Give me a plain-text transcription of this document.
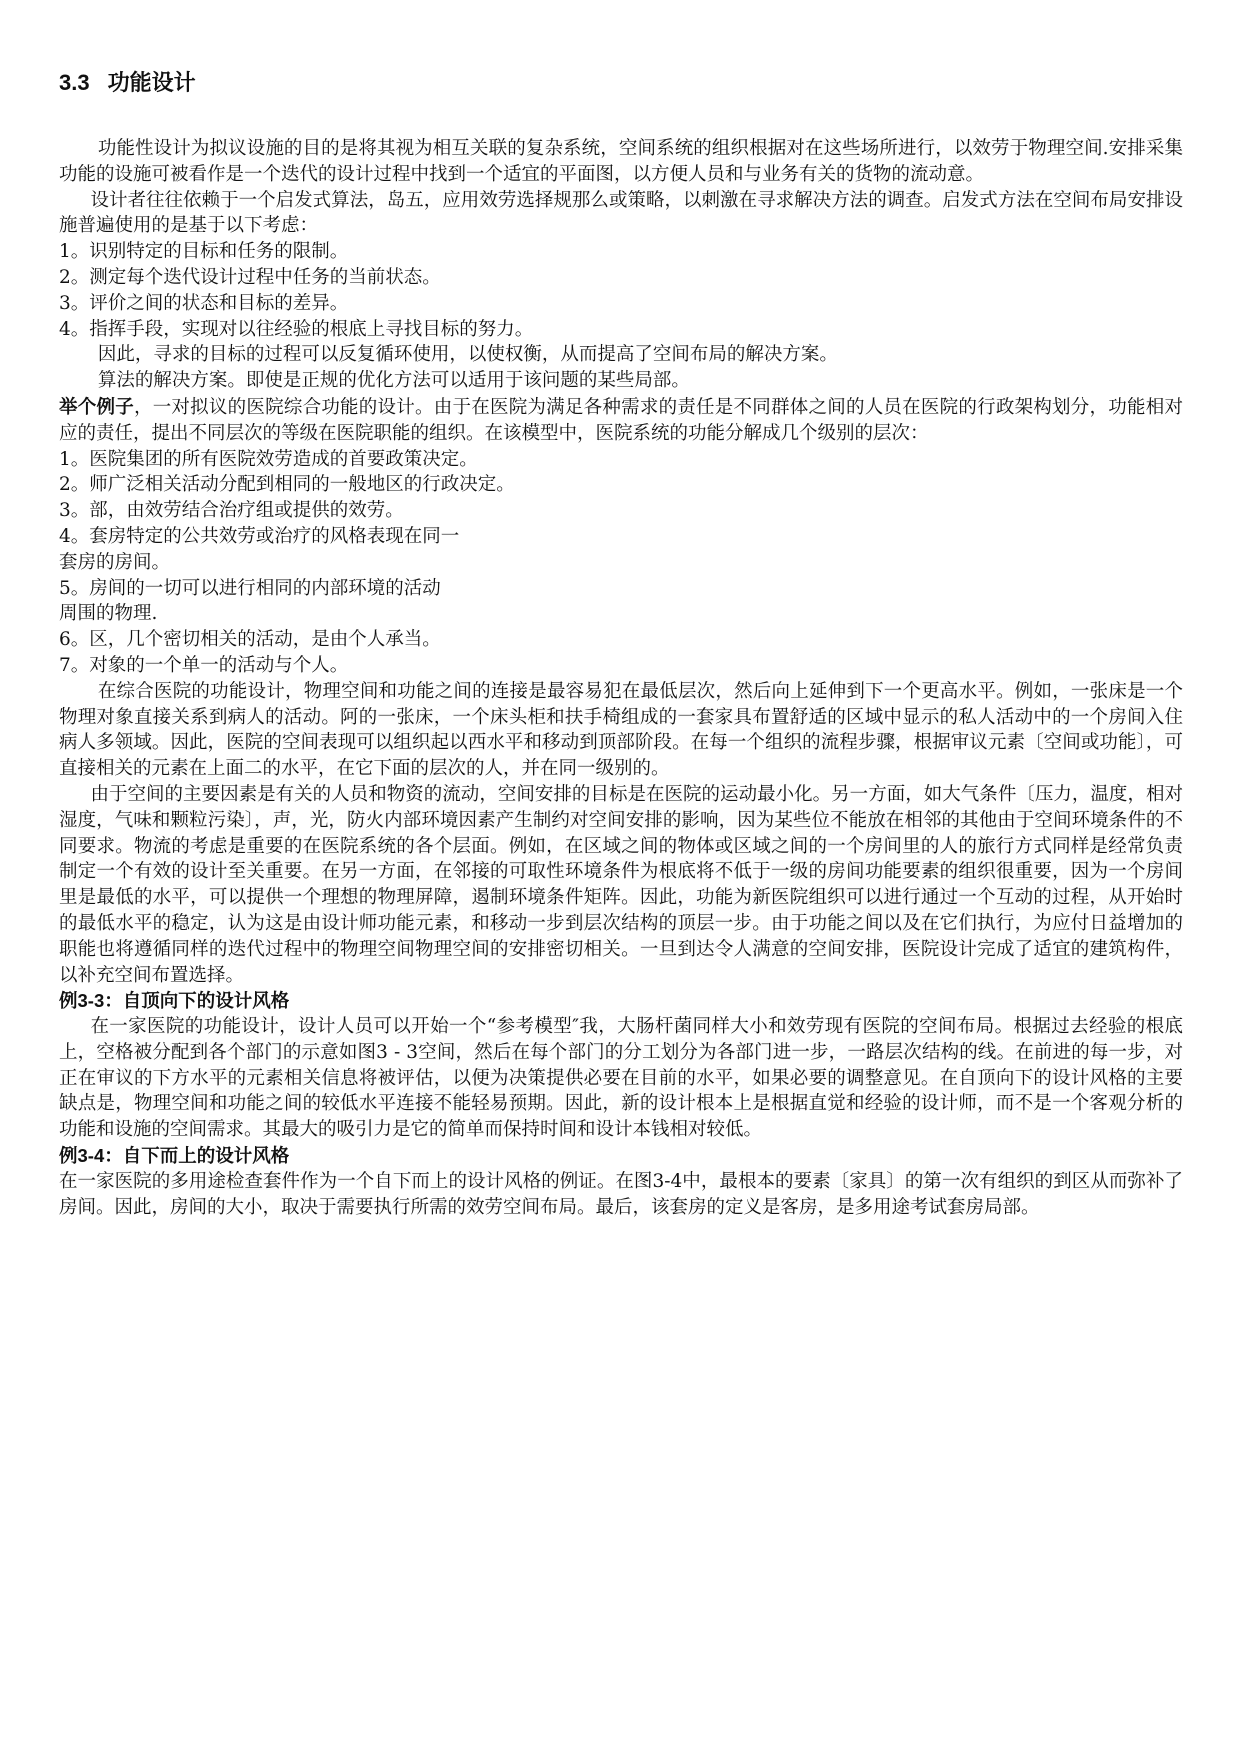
3.3 功能设计

功能性设计为拟议设施的目的是将其视为相互关联的复杂系统，空间系统的组织根据对在这些场所进行，以效劳于物理空间.安排采集功能的设施可被看作是一个迭代的设计过程中找到一个适宜的平面图，以方便人员和与业务有关的货物的流动意。

设计者往往依赖于一个启发式算法，岛五，应用效劳选择规那么或策略，以刺激在寻求解决方法的调查。启发式方法在空间布局安排设施普遍使用的是基于以下考虑：

1。识别特定的目标和任务的限制。

2。测定每个迭代设计过程中任务的当前状态。

3。评价之间的状态和目标的差异。

4。指挥手段，实现对以往经验的根底上寻找目标的努力。

因此，寻求的目标的过程可以反复循环使用，以使权衡，从而提高了空间布局的解决方案。

算法的解决方案。即使是正规的优化方法可以适用于该问题的某些局部。

举个例子，一对拟议的医院综合功能的设计。由于在医院为满足各种需求的责任是不同群体之间的人员在医院的行政架构划分，功能相对应的责任，提出不同层次的等级在医院职能的组织。在该模型中，医院系统的功能分解成几个级别的层次：

1。医院集团的所有医院效劳造成的首要政策决定。

2。师广泛相关活动分配到相同的一般地区的行政决定。

3。部，由效劳结合治疗组或提供的效劳。

4。套房特定的公共效劳或治疗的风格表现在同一

套房的房间。

5。房间的一切可以进行相同的内部环境的活动

周围的物理.

6。区，几个密切相关的活动，是由个人承当。

7。对象的一个单一的活动与个人。

在综合医院的功能设计，物理空间和功能之间的连接是最容易犯在最低层次，然后向上延伸到下一个更高水平。例如，一张床是一个物理对象直接关系到病人的活动。阿的一张床，一个床头柜和扶手椅组成的一套家具布置舒适的区域中显示的私人活动中的一个房间入住病人多领域。因此，医院的空间表现可以组织起以西水平和移动到顶部阶段。在每一个组织的流程步骤，根据审议元素〔空间或功能〕，可直接相关的元素在上面二的水平，在它下面的层次的人，并在同一级别的。

由于空间的主要因素是有关的人员和物资的流动，空间安排的目标是在医院的运动最小化。另一方面，如大气条件〔压力，温度，相对湿度，气味和颗粒污染〕，声，光，防火内部环境因素产生制约对空间安排的影响，因为某些位不能放在相邻的其他由于空间环境条件的不同要求。物流的考虑是重要的在医院系统的各个层面。例如，在区域之间的物体或区域之间的一个房间里的人的旅行方式同样是经常负责制定一个有效的设计至关重要。在另一方面，在邻接的可取性环境条件为根底将不低于一级的房间功能要素的组织很重要，因为一个房间里是最低的水平，可以提供一个理想的物理屏障，遏制环境条件矩阵。因此，功能为新医院组织可以进行通过一个互动的过程，从开始时的最低水平的稳定，认为这是由设计师功能元素，和移动一步到层次结构的顶层一步。由于功能之间以及在它们执行，为应付日益增加的职能也将遵循同样的迭代过程中的物理空间物理空间的安排密切相关。一旦到达令人满意的空间安排，医院设计完成了适宜的建筑构件，以补充空间布置选择。

例3-3：自顶向下的设计风格

在一家医院的功能设计，设计人员可以开始一个“参考模型″我，大肠杆菌同样大小和效劳现有医院的空间布局。根据过去经验的根底上，空格被分配到各个部门的示意如图3 - 3空间，然后在每个部门的分工划分为各部门进一步，一路层次结构的线。在前进的每一步，对正在审议的下方水平的元素相关信息将被评估，以便为决策提供必要在目前的水平，如果必要的调整意见。在自顶向下的设计风格的主要缺点是，物理空间和功能之间的较低水平连接不能轻易预期。因此，新的设计根本上是根据直觉和经验的设计师，而不是一个客观分析的功能和设施的空间需求。其最大的吸引力是它的简单而保持时间和设计本钱相对较低。

例3-4：自下而上的设计风格

在一家医院的多用途检查套件作为一个自下而上的设计风格的例证。在图3-4中，最根本的要素〔家具〕的第一次有组织的到区从而弥补了房间。因此，房间的大小，取决于需要执行所需的效劳空间布局。最后，该套房的定义是客房，是多用途考试套房局部。
